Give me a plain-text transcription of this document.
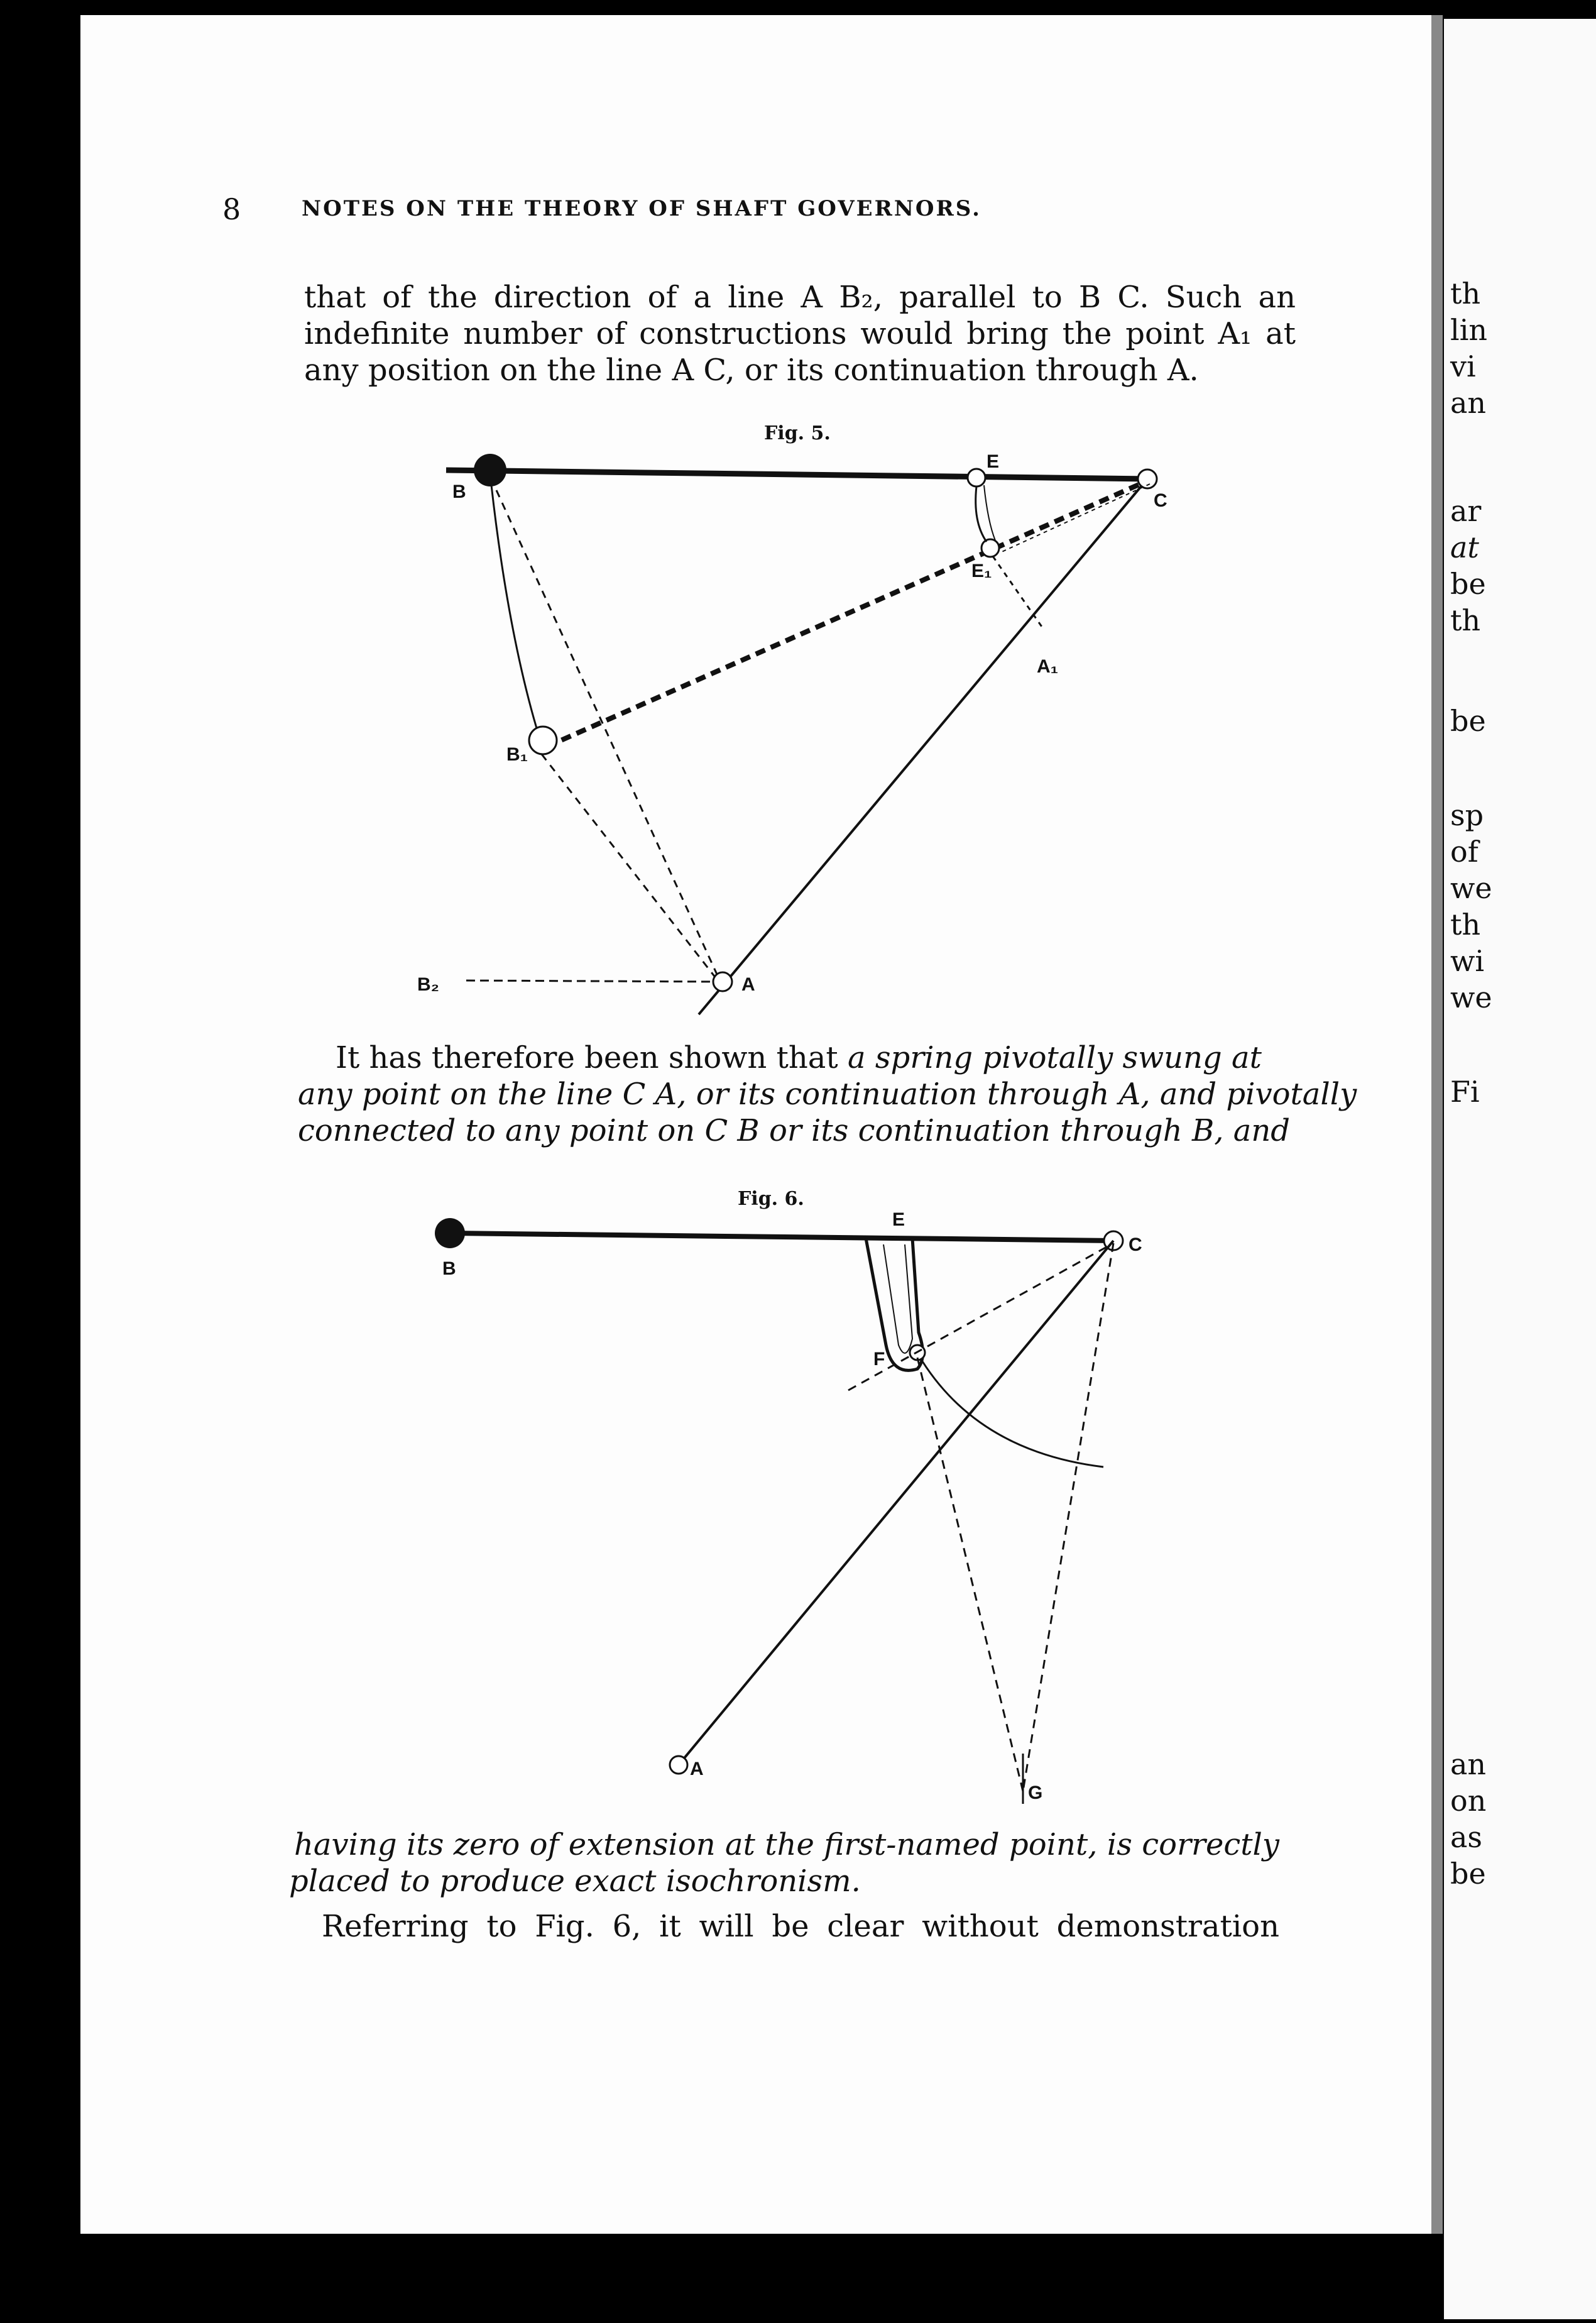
th
lin
vi
an
ar
at
be
th
be
sp
of
we
th
wi
we
Fi
an
on
as
be
8	NOTES ON THE THEORY OF SHAFT GOVERNORS.
that of the direction of a line A B₂, parallel to B C. Such an
indefinite number of constructions would bring the point A₁ at
any position on the line A C, or its continuation through A.
Fig. 5.
It has therefore been shown that a spring pivotally swung at
any point on the line C A, or its continuation through A, and pivotally
connected to any point on C B or its continuation through B, and
Fig. 6.
having its zero of extension at the first-named point, is correctly
placed to produce exact isochronism.
Referring to Fig. 6, it will be clear without demonstration
B
E
C
E₁
A₁
B₁
B₂	A
B
C
E
F
A
G
